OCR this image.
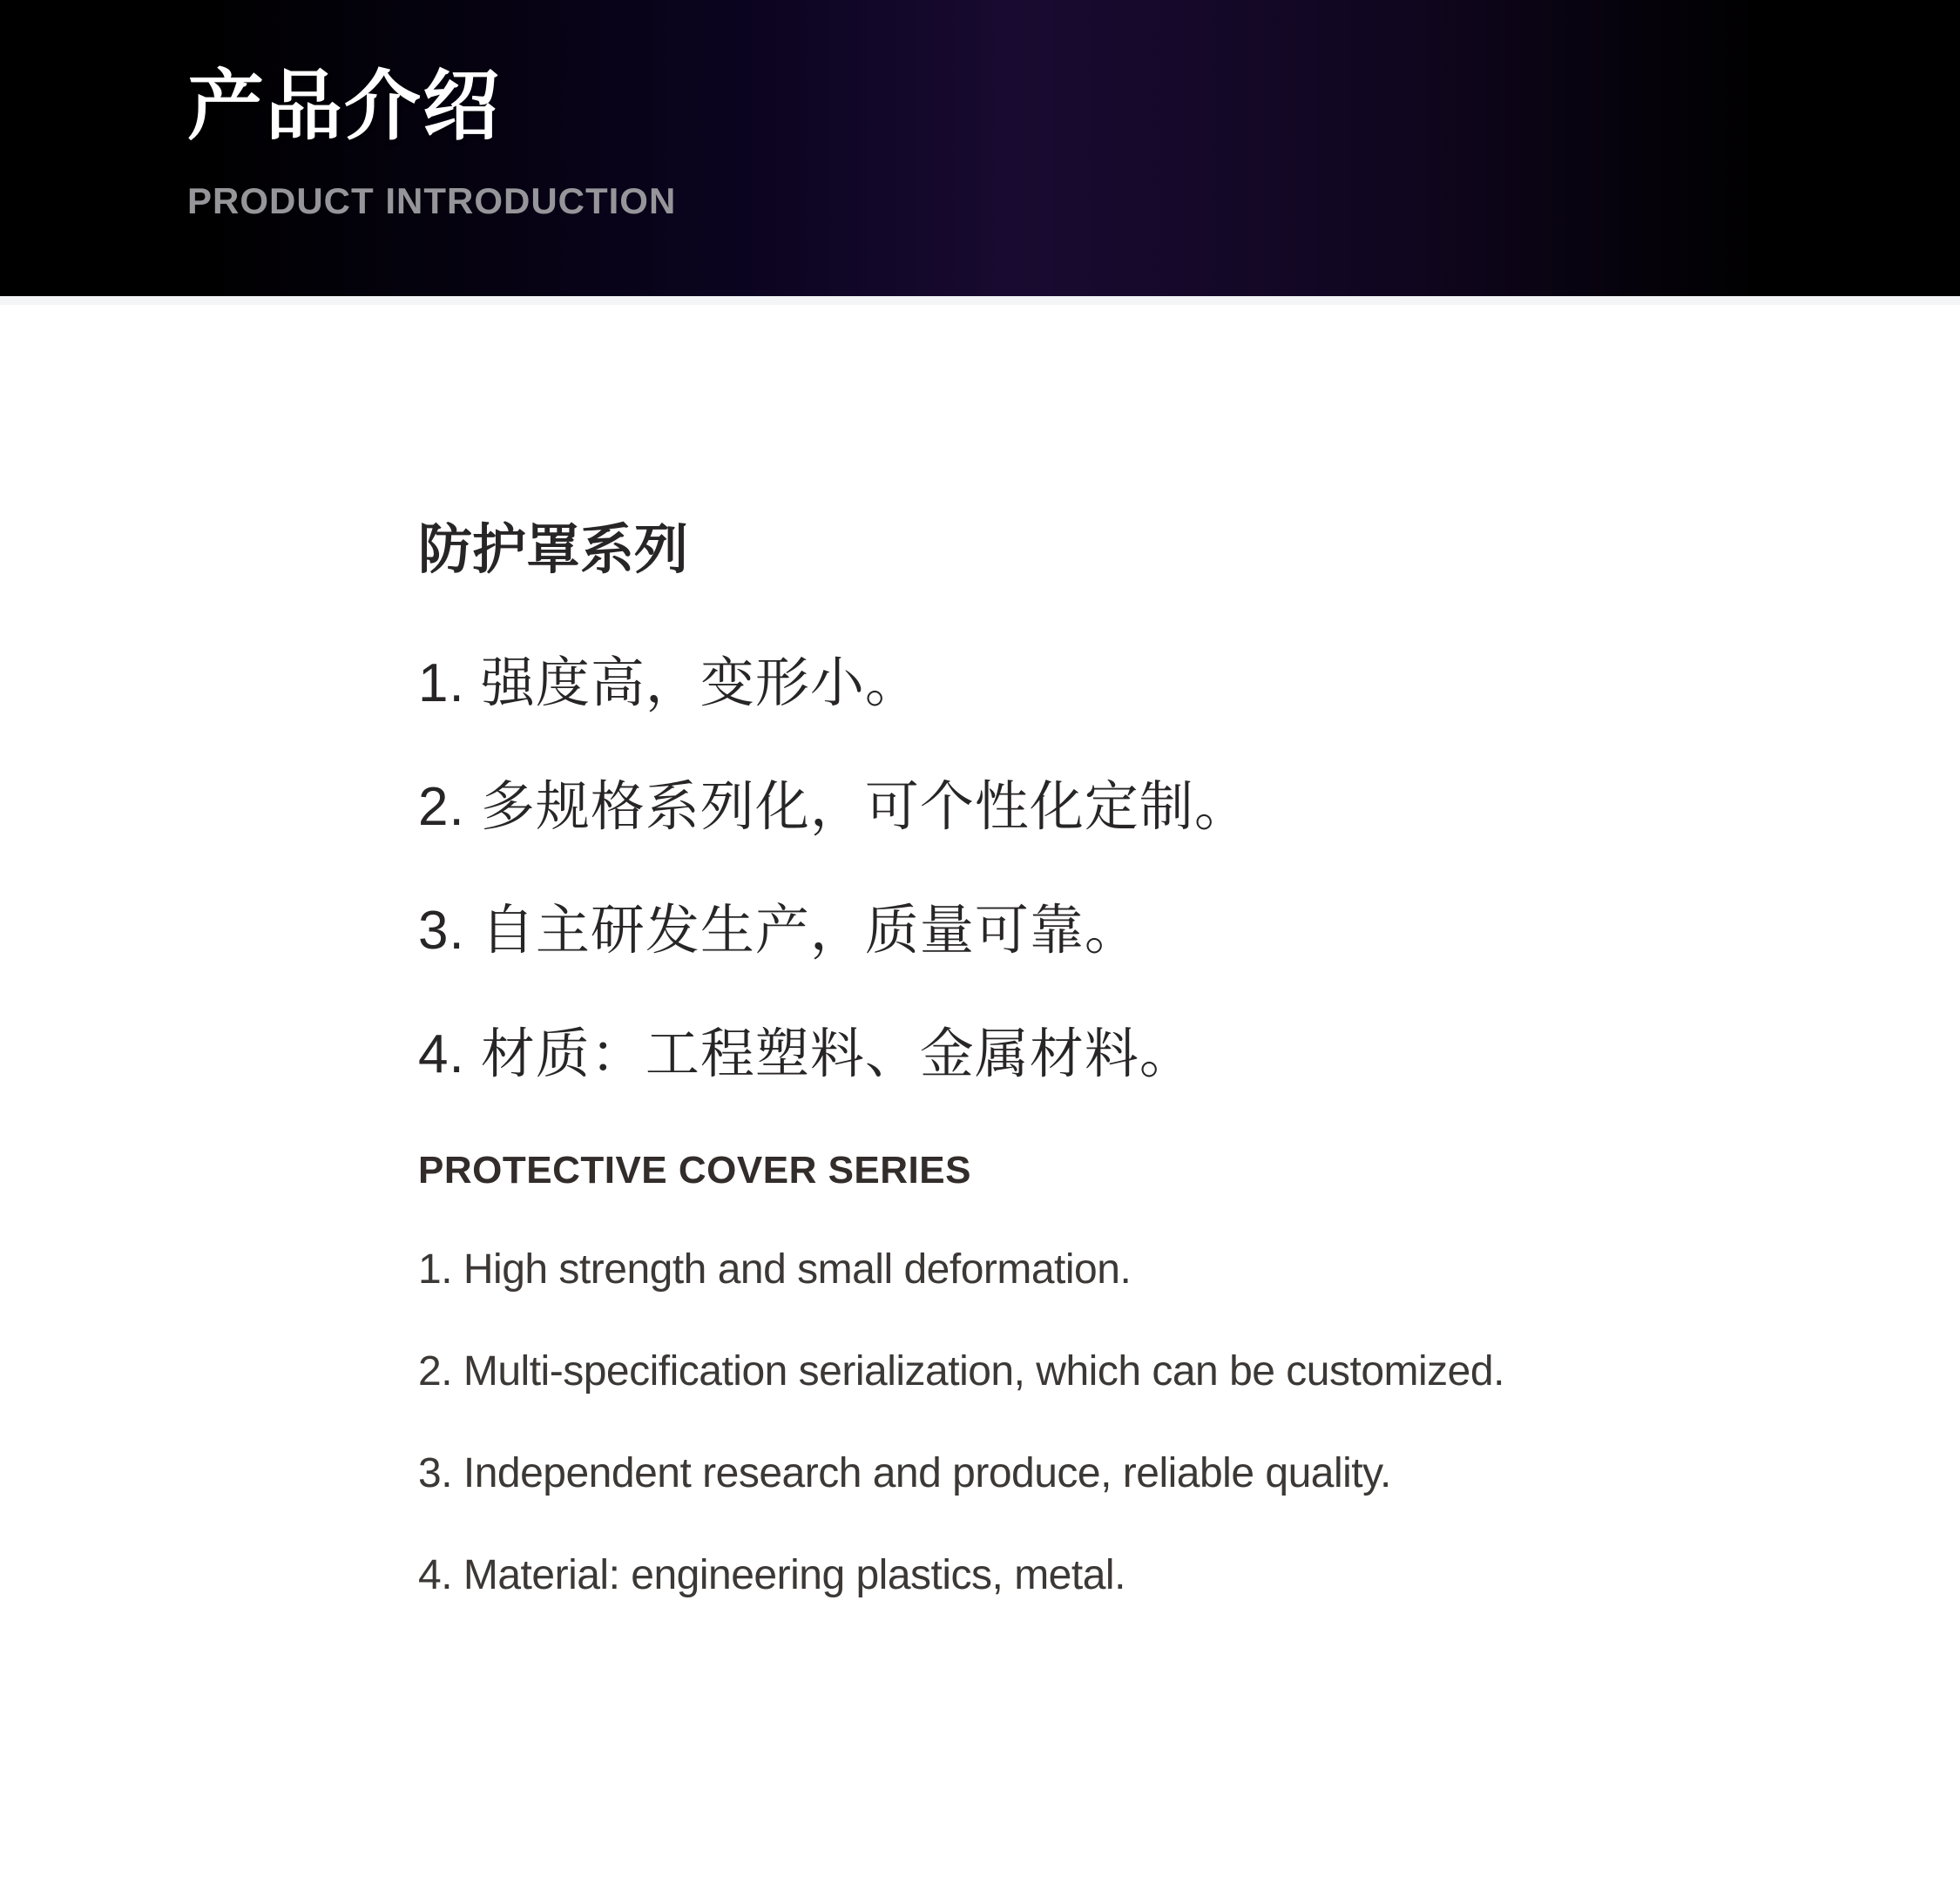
产品介绍
PRODUCT INTRODUCTION
防护罩系列
1. 强度高，变形小。
2. 多规格系列化，可个性化定制。
3. 自主研发生产，质量可靠。
4. 材质：工程塑料、金属材料。
PROTECTIVE COVER SERIES
1. High strength and small deformation.
2. Multi-specification serialization, which can be customized.
3. Independent research and produce, reliable quality.
4. Material: engineering plastics, metal.
